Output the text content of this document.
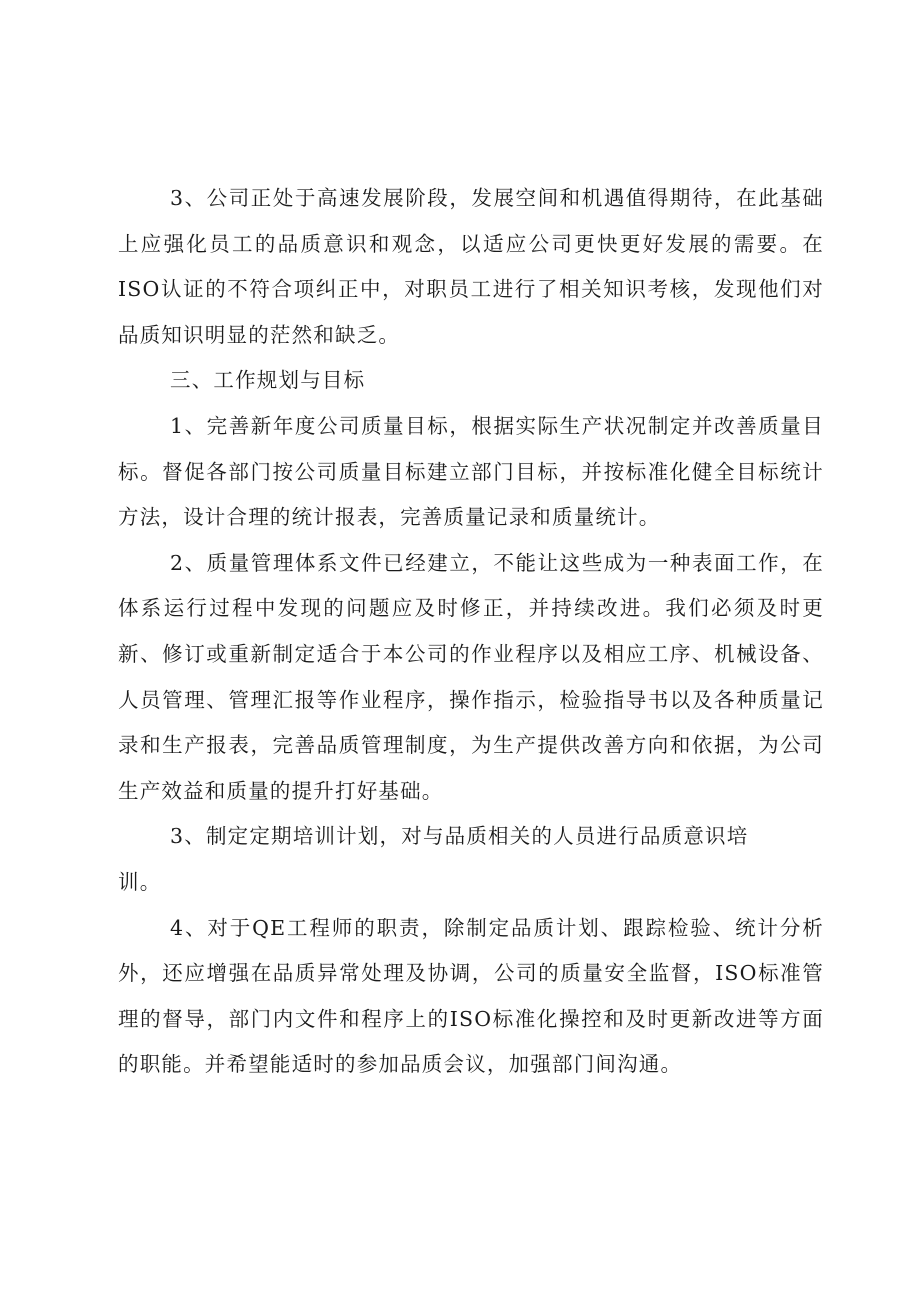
3、公司正处于高速发展阶段，发展空间和机遇值得期待，在此基础上应强化员工的品质意识和观念，以适应公司更快更好发展的需要。在ISO认证的不符合项纠正中，对职员工进行了相关知识考核，发现他们对品质知识明显的茫然和缺乏。

三、工作规划与目标

1、完善新年度公司质量目标，根据实际生产状况制定并改善质量目标。督促各部门按公司质量目标建立部门目标，并按标准化健全目标统计方法，设计合理的统计报表，完善质量记录和质量统计。

2、质量管理体系文件已经建立，不能让这些成为一种表面工作，在体系运行过程中发现的问题应及时修正，并持续改进。我们必须及时更新、修订或重新制定适合于本公司的作业程序以及相应工序、机械设备、人员管理、管理汇报等作业程序，操作指示，检验指导书以及各种质量记录和生产报表，完善品质管理制度，为生产提供改善方向和依据，为公司生产效益和质量的提升打好基础。

3、制定定期培训计划，对与品质相关的人员进行品质意识培

训。

4、对于QE工程师的职责，除制定品质计划、跟踪检验、统计分析外，还应增强在品质异常处理及协调，公司的质量安全监督，ISO标准管理的督导，部门内文件和程序上的ISO标准化操控和及时更新改进等方面的职能。并希望能适时的参加品质会议，加强部门间沟通。
